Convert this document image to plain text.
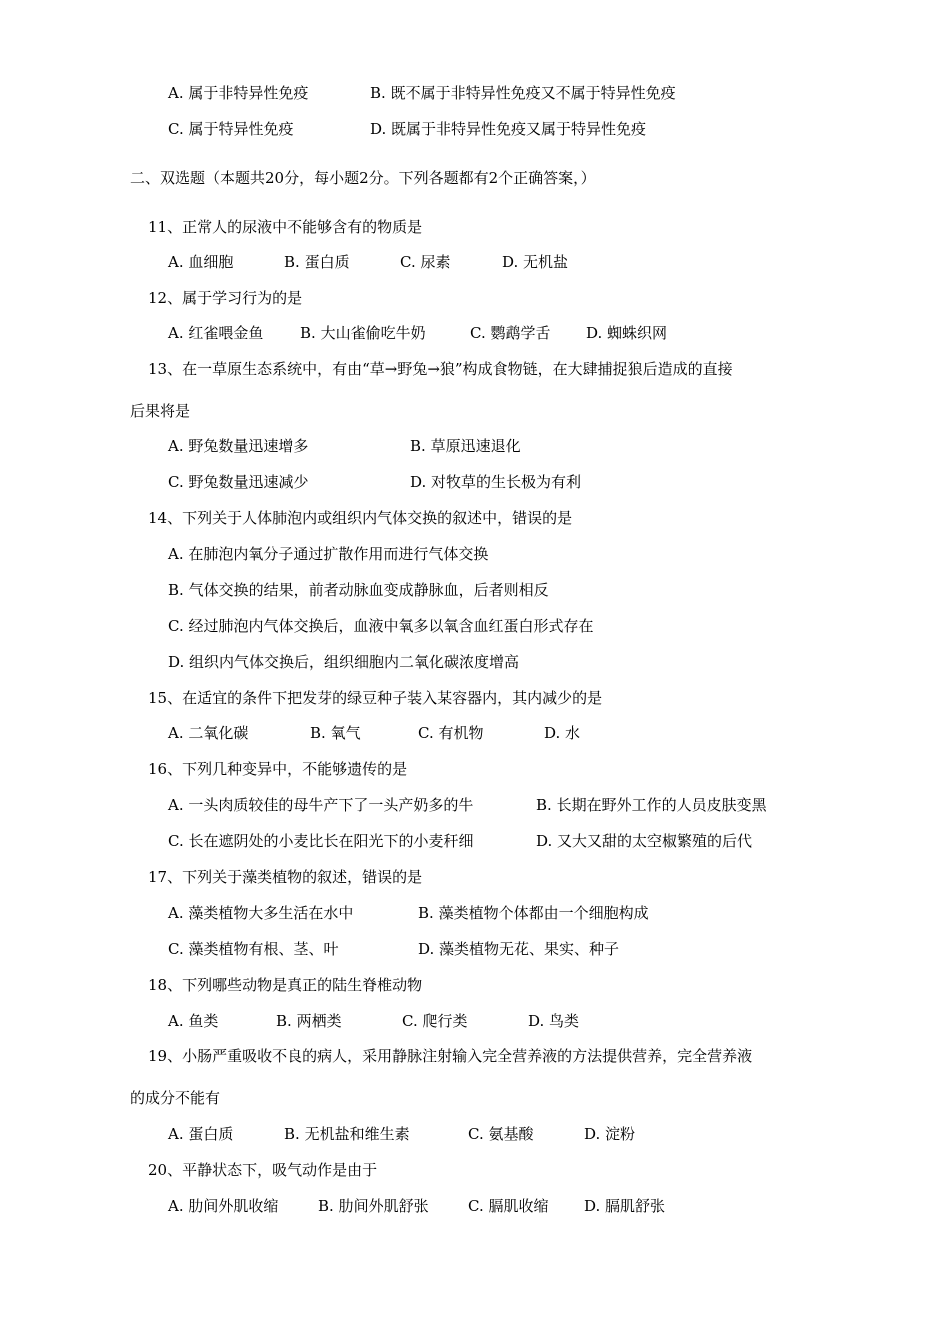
A. 属于非特异性免疫	B. 既不属于非特异性免疫又不属于特异性免疫
C. 属于特异性免疫	D. 既属于非特异性免疫又属于特异性免疫
二、双选题（本题共20分，每小题2分。下列各题都有2个正确答案，）
11、正常人的尿液中不能够含有的物质是
A. 血细胞	B. 蛋白质	C. 尿素	D. 无机盐
12、属于学习行为的是
A. 红雀喂金鱼 B. 大山雀偷吃牛奶	C. 鹦鹉学舌 D. 蜘蛛织网
13、在一草原生态系统中，有由“草→野兔→狼”构成食物链，在大肆捕捉狼后造成的直接
后果将是
A. 野兔数量迅速增多	B. 草原迅速退化
C. 野兔数量迅速减少	D. 对牧草的生长极为有利
14、下列关于人体肺泡内或组织内气体交换的叙述中，错误的是
A. 在肺泡内氧分子通过扩散作用而进行气体交换
B. 气体交换的结果，前者动脉血变成静脉血，后者则相反
C. 经过肺泡内气体交换后，血液中氧多以氧含血红蛋白形式存在
D. 组织内气体交换后，组织细胞内二氧化碳浓度增高
15、在适宜的条件下把发芽的绿豆种子装入某容器内，其内减少的是
A. 二氧化碳	B. 氧气	C. 有机物	D. 水
16、下列几种变异中，不能够遗传的是
A. 一头肉质较佳的母牛产下了一头产奶多的牛	B. 长期在野外工作的人员皮肤变黑
C. 长在遮阴处的小麦比长在阳光下的小麦秆细	D. 又大又甜的太空椒繁殖的后代
17、下列关于藻类植物的叙述，错误的是
A. 藻类植物大多生活在水中	B. 藻类植物个体都由一个细胞构成
C. 藻类植物有根、茎、叶	D. 藻类植物无花、果实、种子
18、下列哪些动物是真正的陆生脊椎动物
A. 鱼类	B. 两栖类	C. 爬行类	D. 鸟类
19、小肠严重吸收不良的病人，采用静脉注射输入完全营养液的方法提供营养，完全营养液
的成分不能有
A. 蛋白质	B. 无机盐和维生素	C. 氨基酸	D. 淀粉
20、平静状态下，吸气动作是由于
A. 肋间外肌收缩	B. 肋间外肌舒张	C. 膈肌收缩 D. 膈肌舒张
